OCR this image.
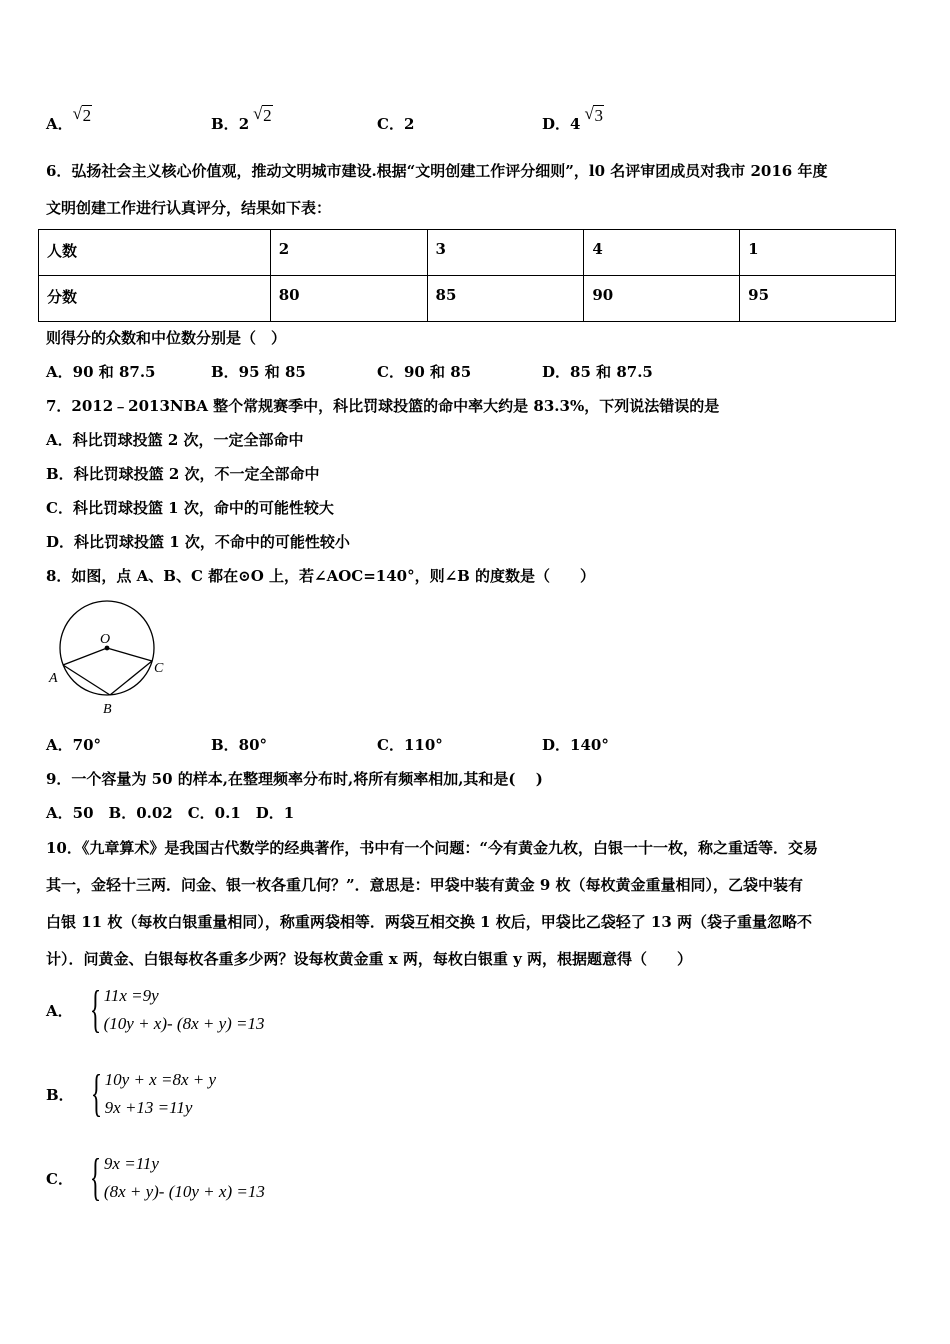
A．
√ 2	B．2
√ 2	C．2	D．4
√ 3
6．弘扬社会主义核心价值观，推动文明城市建设.根据“文明创建工作评分细则”，l0 名评审团成员对我市 2016 年度
文明创建工作进行认真评分，结果如下表：
人数	2	3	4	1
分数	80	85	90	95
则得分的众数和中位数分别是（　）
A．90 和 87.5	B．95 和 85	C．90 和 85	D．85 和 87.5
7．2012﹣2013NBA 整个常规赛季中，科比罚球投篮的命中率大约是 83.3%，下列说法错误的是
A．科比罚球投篮 2 次，一定全部命中
B．科比罚球投篮 2 次，不一定全部命中
C．科比罚球投篮 1 次，命中的可能性较大
D．科比罚球投篮 1 次，不命中的可能性较小
8．如图，点 A、B、C 都在⊙O 上，若∠AOC=140°，则∠B 的度数是（　　）
O
A
B
C
A．70°	B．80°	C．110°	D．140°
9．一个容量为 50 的样本,在整理频率分布时,将所有频率相加,其和是(　 )
A．50　B．0.02　C．0.1　D．1
10．《九章算术》是我国古代数学的经典著作，书中有一个问题：“今有黄金九枚，白银一十一枚，称之重适等．交易
其一，金轻十三两．问金、银一枚各重几何？”．意思是：甲袋中装有黄金 9 枚（每枚黄金重量相同），乙袋中装有
白银 11 枚（每枚白银重量相同），称重两袋相等．两袋互相交换 1 枚后，甲袋比乙袋轻了 13 两（袋子重量忽略不
计）．问黄金、白银每枚各重多少两？设每枚黄金重 x 两，每枚白银重 y 两，根据题意得（　　）
A． { 11x =9y
(10y + x)- (8x + y) =13
B． { 10y + x =8x + y
9x +13 =11y
C． { 9x =11y
(8x + y)- (10y + x) =13
